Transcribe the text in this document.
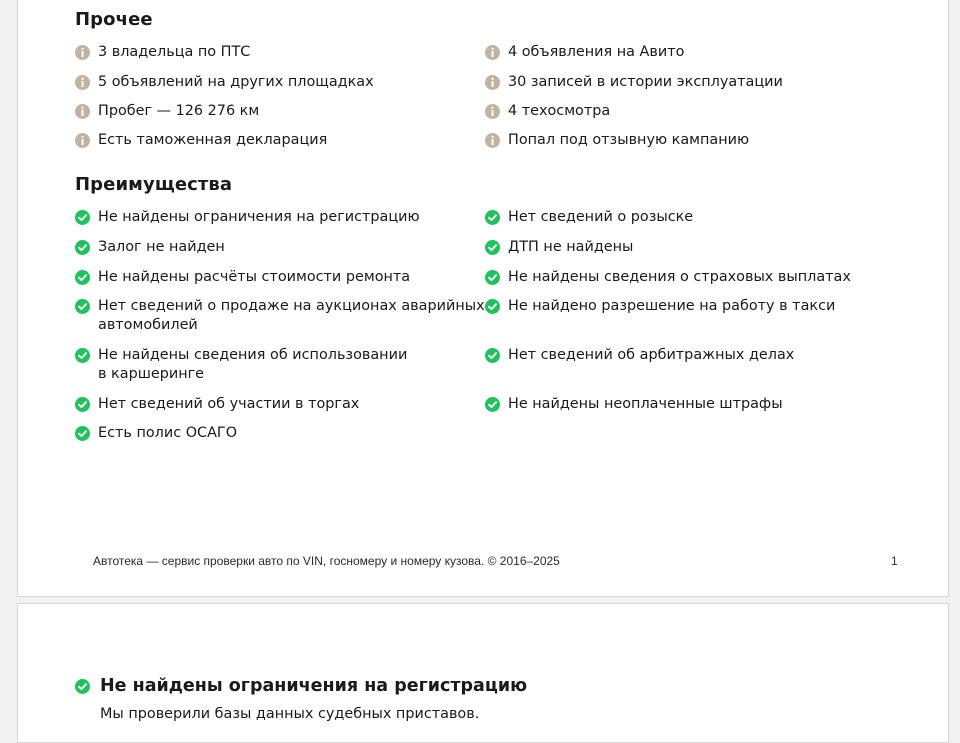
Прочее
3 владельца по ПТС
5 объявлений на других площадках
Пробег — 126 276 км
Есть таможенная декларация
4 объявления на Авито
30 записей в истории эксплуатации
4 техосмотра
Попал под отзывную кампанию
Преимущества
Не найдены ограничения на регистрацию
Залог не найден
Не найдены расчёты стоимости ремонта
Нет сведений о продаже на аукционах аварийных
автомобилей
Не найдены сведения об использовании
в каршеринге
Нет сведений об участии в торгах
Есть полис ОСАГО
Нет сведений о розыске
ДТП не найдены
Не найдены сведения о страховых выплатах
Не найдено разрешение на работу в такси
Нет сведений об арбитражных делах
Не найдены неоплаченные штрафы
Автотека — сервис проверки авто по VIN, госномеру и номеру кузова. © 2016–2025	1
Не найдены ограничения на регистрацию
Мы проверили базы данных судебных приставов.
